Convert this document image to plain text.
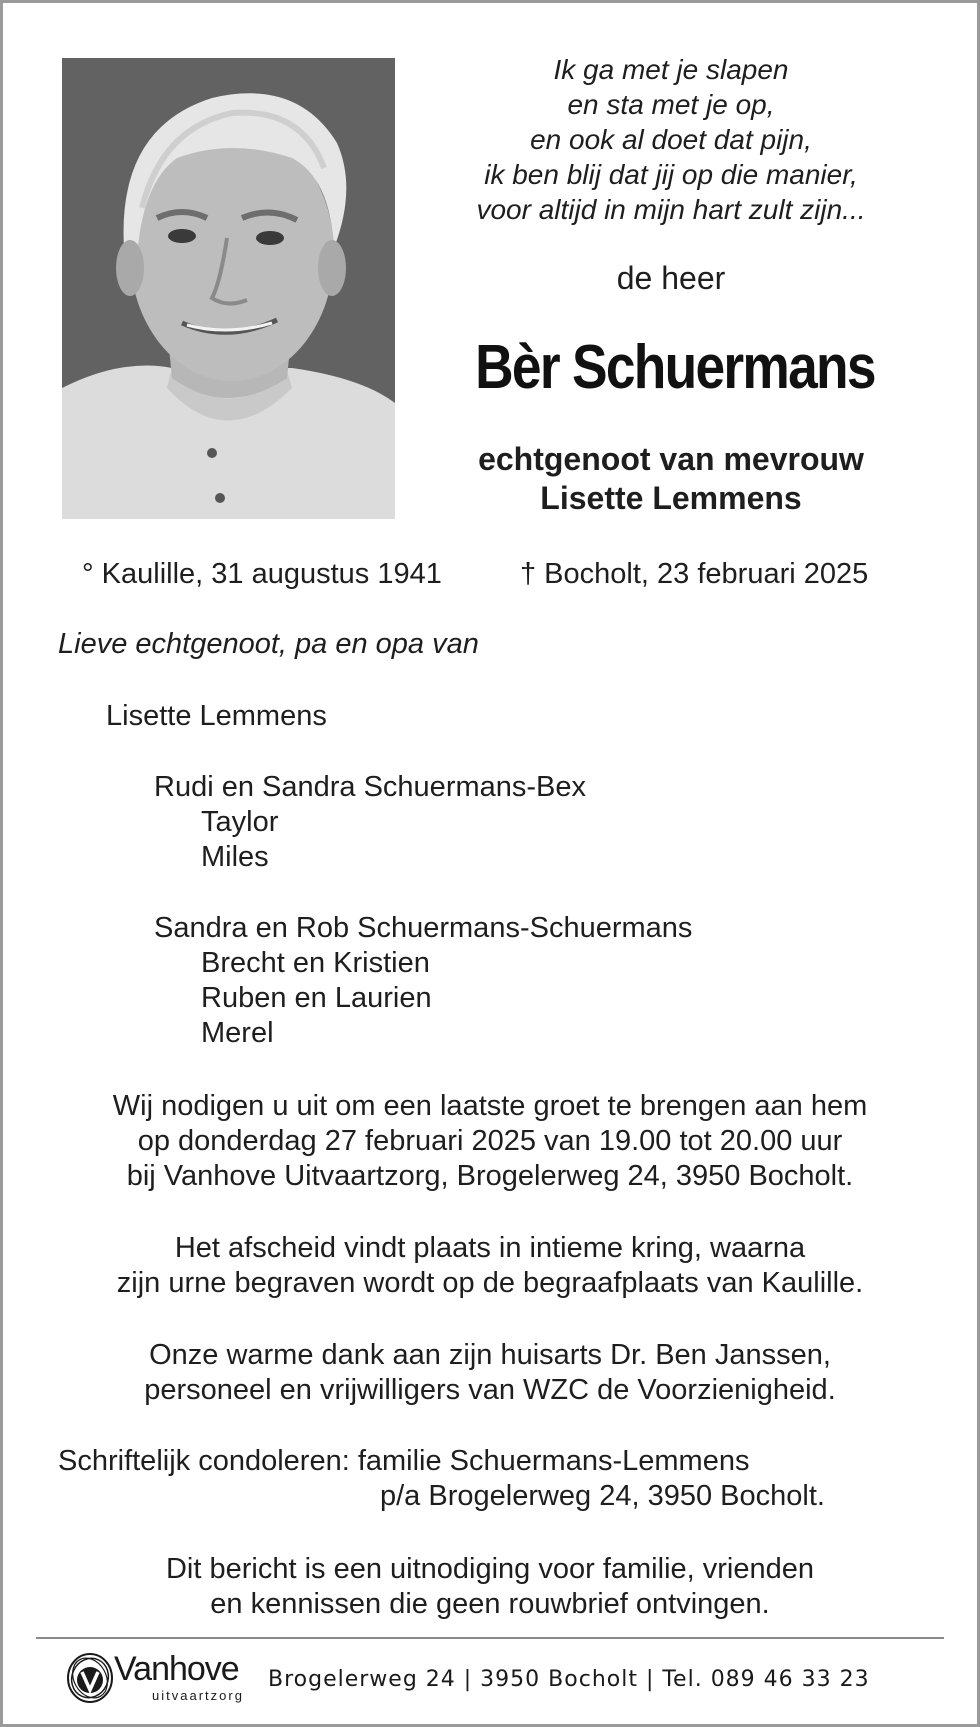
Ik ga met je slapen
en sta met je op,
en ook al doet dat pijn,
ik ben blij dat jij op die manier,
voor altijd in mijn hart zult zijn...
de heer
Bèr Schuermans
echtgenoot van mevrouw
Lisette Lemmens
° Kaulille, 31 augustus 1941	† Bocholt, 23 februari 2025
Lieve echtgenoot, pa en opa van
Lisette Lemmens
Rudi en Sandra Schuermans-Bex
Taylor
Miles
Sandra en Rob Schuermans-Schuermans
Brecht en Kristien
Ruben en Laurien
Merel
Wij nodigen u uit om een laatste groet te brengen aan hem
op donderdag 27 februari 2025 van 19.00 tot 20.00 uur
bij Vanhove Uitvaartzorg, Brogelerweg 24, 3950 Bocholt.
Het afscheid vindt plaats in intieme kring, waarna
zijn urne begraven wordt op de begraafplaats van Kaulille.
Onze warme dank aan zijn huisarts Dr. Ben Janssen,
personeel en vrijwilligers van WZC de Voorzienigheid.
Schriftelijk condoleren: familie Schuermans-Lemmens
p/a Brogelerweg 24, 3950 Bocholt.
Dit bericht is een uitnodiging voor familie, vrienden
en kennissen die geen rouwbrief ontvingen.
Vanhove
uitvaartzorg
Brogelerweg 24 | 3950 Bocholt | Tel. 089 46 33 23
